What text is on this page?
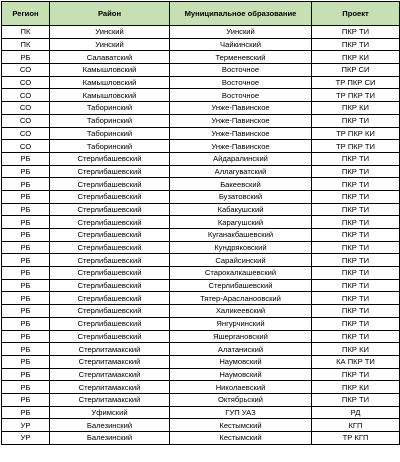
Регион	Район	Муниципальное образование	Проект
ПК	Уинский	Уинский	ПКР ТИ
ПК	Уинский	Чайкинский	ПКР ТИ
РБ	Салаватский	Терменевский	ПКР КИ
СО	Камышловский	Восточное	ПКР СИ
СО	Камышловский	Восточное	ТР ПКР СИ
СО	Камышловский	Восточное	ТР ПКР ТИ
СО	Таборинский	Унже-Павинское	ПКР КИ
СО	Таборинский	Унже-Павинское	ПКР ТИ
СО	Таборинский	Унже-Павинское	ТР ПКР КИ
СО	Таборинский	Унже-Павинское	ТР ПКР ТИ
РБ	Стерлибашевский	Айдаралинский	ПКР ТИ
РБ	Стерлибашевский	Аллагуватский	ПКР ТИ
РБ	Стерлибашевский	Бакеевский	ПКР ТИ
РБ	Стерлибашевский	Бузатовский	ПКР ТИ
РБ	Стерлибашевский	Кабакушский	ПКР ТИ
РБ	Стерлибашевский	Карагушский	ПКР ТИ
РБ	Стерлибашевский	Куганакбашевский	ПКР ТИ
РБ	Стерлибашевский	Кундряковский	ПКР ТИ
РБ	Стерлибашевский	Сарайсинский	ПКР ТИ
РБ	Стерлибашевский	Старокалкашевский	ПКР ТИ
РБ	Стерлибашевский	Стерлибашевский	ПКР ТИ
РБ	Стерлибашевский	Тятер-Арасланоовский	ПКР ТИ
РБ	Стерлибашевский	Халикеевский	ПКР ТИ
РБ	Стерлибашевский	Янгурчинский	ПКР ТИ
РБ	Стерлибашевский	Яшергановский	ПКР ТИ
РБ	Стерлитамакский	Алатаниский	ПКР КИ
РБ	Стерлитамакский	Наумовский	КА ПКР ТИ
РБ	Стерлитамакский	Наумовский	ПКР ТИ
РБ	Стерлитамакский	Николаевский	ПКР КИ
РБ	Стерлитамакский	Октябрьский	ПКР ТИ
РБ	Уфимский	ГУП УАЗ	РД
УР	Балезинский	Кестымский	КГП
УР	Балезинский	Кестымский	ТР КГП
